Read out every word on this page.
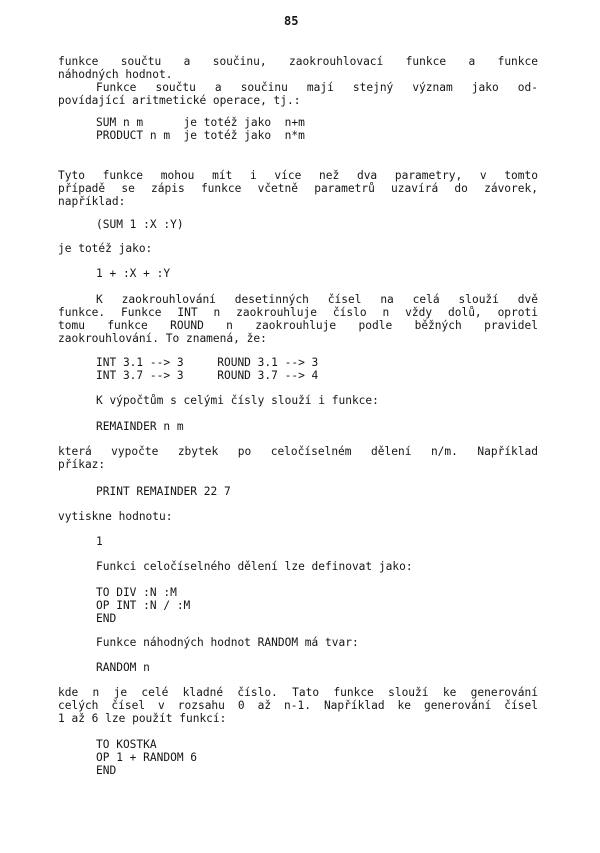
85
funkce součtu a součinu, zaokrouhlovací funkce a funkce
náhodných hodnot.
Funkce součtu a součinu mají stejný význam jako od-
povídající aritmetické operace, tj.:
SUM n m      je totéž jako  n+m
PRODUCT n m  je totéž jako  n*m
Tyto funkce mohou mít i více než dva parametry, v tomto
případě se zápis funkce včetně parametrů uzavírá do závorek,
například:
(SUM 1 :X :Y)
je totéž jako:
1 + :X + :Y
K zaokrouhlování desetinných čísel na celá slouží dvě
funkce. Funkce INT n zaokrouhluje číslo n vždy dolů, oproti
tomu funkce ROUND n zaokrouhluje podle běžných pravidel
zaokrouhlování. To znamená, že:
INT 3.1 --> 3     ROUND 3.1 --> 3
INT 3.7 --> 3     ROUND 3.7 --> 4
K výpočtům s celými čísly slouží i funkce:
REMAINDER n m
která vypočte zbytek po celočíselném dělení n/m. Například
příkaz:
PRINT REMAINDER 22 7
vytiskne hodnotu:
1
Funkci celočíselného dělení lze definovat jako:
TO DIV :N :M
OP INT :N / :M
END
Funkce náhodných hodnot RANDOM má tvar:
RANDOM n
kde n je celé kladné číslo. Tato funkce slouží ke generování
celých čísel v rozsahu 0 až n-1. Například ke generování čísel
1 až 6 lze použít funkcí:
TO KOSTKA
OP 1 + RANDOM 6
END
